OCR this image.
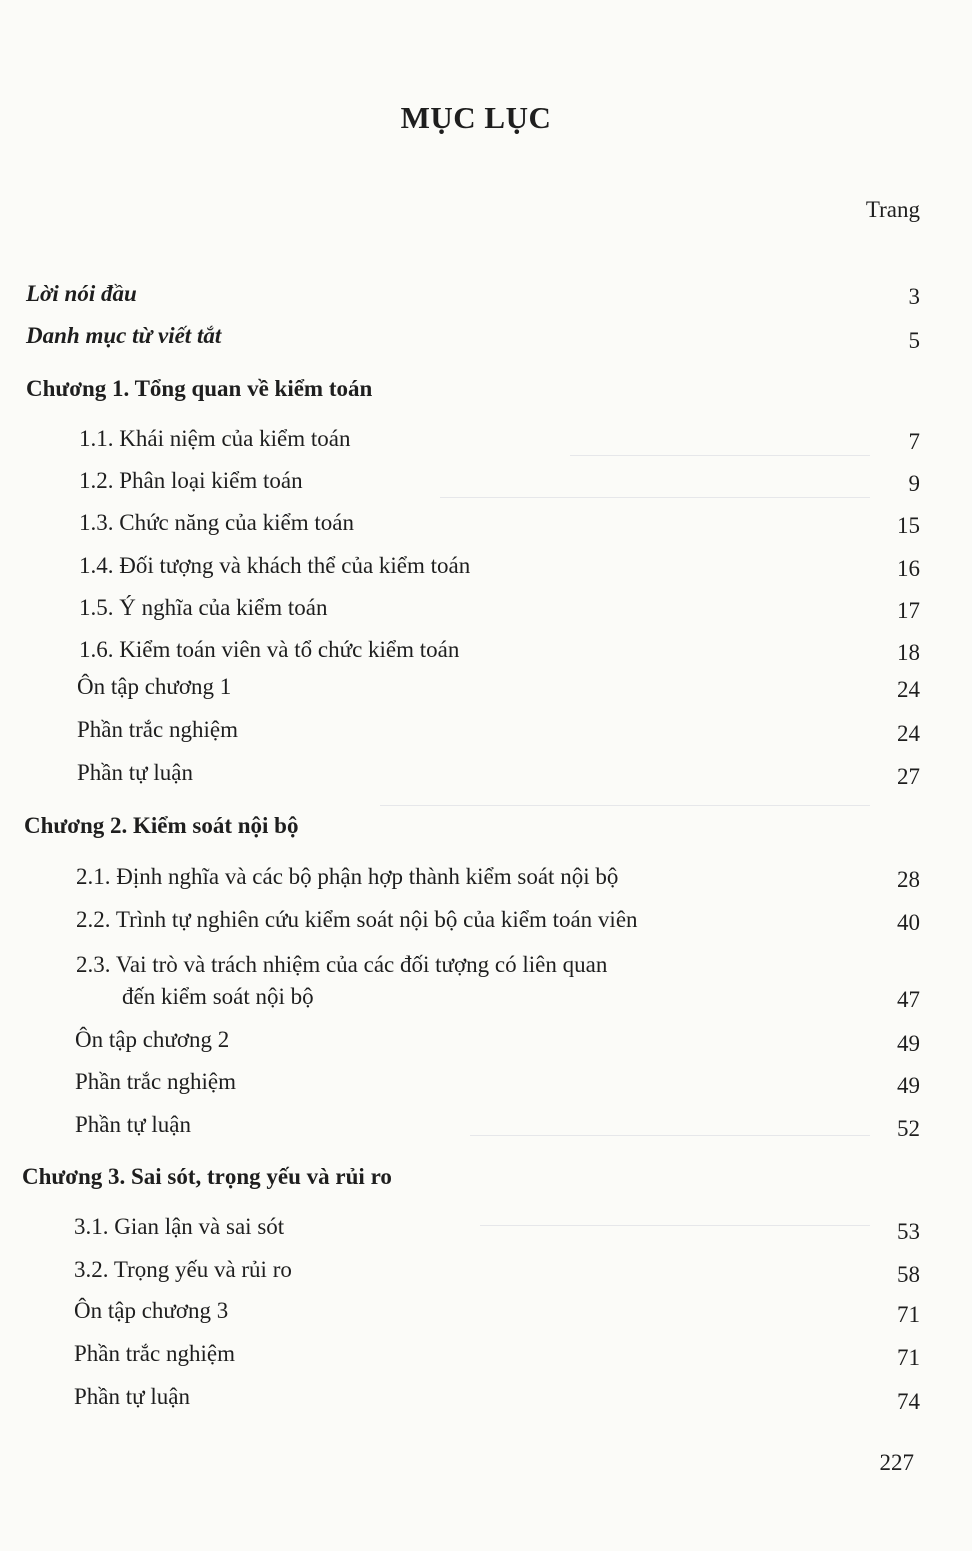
MỤC LỤC
Trang
Lời nói đầu	3
Danh mục từ viết tắt	5
Chương 1. Tổng quan về kiểm toán
1.1. Khái niệm của kiểm toán	7
1.2. Phân loại kiểm toán	9
1.3. Chức năng của kiểm toán	15
1.4. Đối tượng và khách thể của kiểm toán	16
1.5. Ý nghĩa của kiểm toán	17
1.6. Kiểm toán viên và tổ chức kiểm toán	18
Ôn tập chương 1	24
Phần trắc nghiệm	24
Phần tự luận	27
Chương 2. Kiểm soát nội bộ
2.1. Định nghĩa và các bộ phận hợp thành kiểm soát nội bộ	28
2.2. Trình tự nghiên cứu kiểm soát nội bộ của kiểm toán viên	40
2.3. Vai trò và trách nhiệm của các đối tượng có liên quan
đến kiểm soát nội bộ	47
Ôn tập chương 2	49
Phần trắc nghiệm	49
Phần tự luận	52
Chương 3. Sai sót, trọng yếu và rủi ro
3.1. Gian lận và sai sót	53
3.2. Trọng yếu và rủi ro	58
Ôn tập chương 3	71
Phần trắc nghiệm	71
Phần tự luận	74
227
